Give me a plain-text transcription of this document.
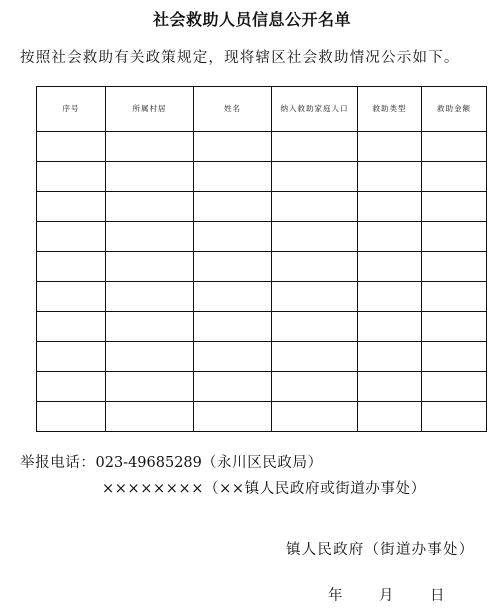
社会救助人员信息公开名单
按照社会救助有关政策规定，现将辖区社会救助情况公示如下。
序号	所属村居	姓名	纳入救助家庭人口	救助类型	救助金额

举报电话：023-49685289（永川区民政局）
××××××××（××镇人民政府或街道办事处）
镇人民政府（街道办事处）
年	月	日
